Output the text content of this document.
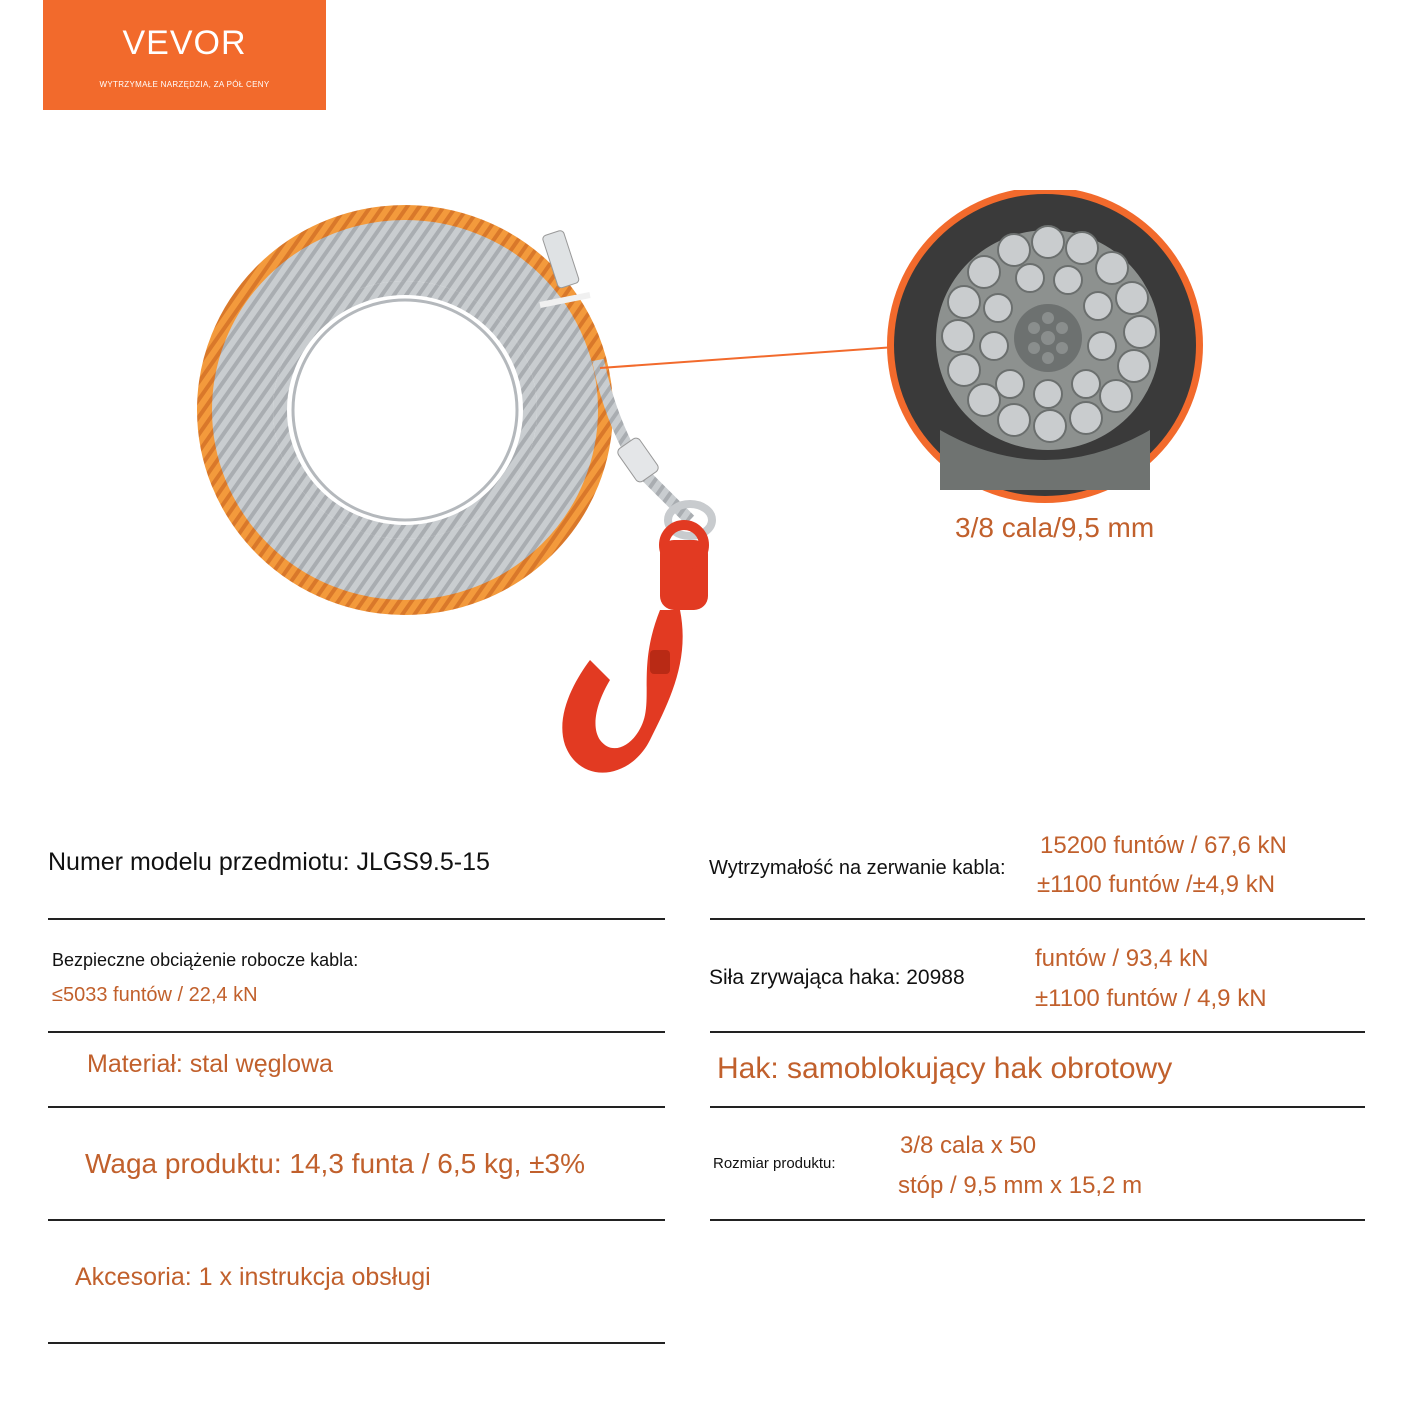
VEVOR
WYTRZYMAŁE NARZĘDZIA, ZA PÓŁ CENY
3/8 cala/9,5 mm
Numer modelu przedmiotu: JLGS9.5-15
Bezpieczne obciążenie robocze kabla:
≤5033 funtów / 22,4 kN
Materiał: stal węglowa
Waga produktu: 14,3 funta / 6,5 kg, ±3%
Akcesoria: 1 x instrukcja obsługi
Wytrzymałość na zerwanie kabla:
15200 funtów / 67,6 kN
±1100 funtów /±4,9 kN
Siła zrywająca haka: 20988
funtów / 93,4 kN
±1100 funtów / 4,9 kN
Hak: samoblokujący hak obrotowy
Rozmiar produktu:
3/8 cala x 50
stóp / 9,5 mm x 15,2 m
